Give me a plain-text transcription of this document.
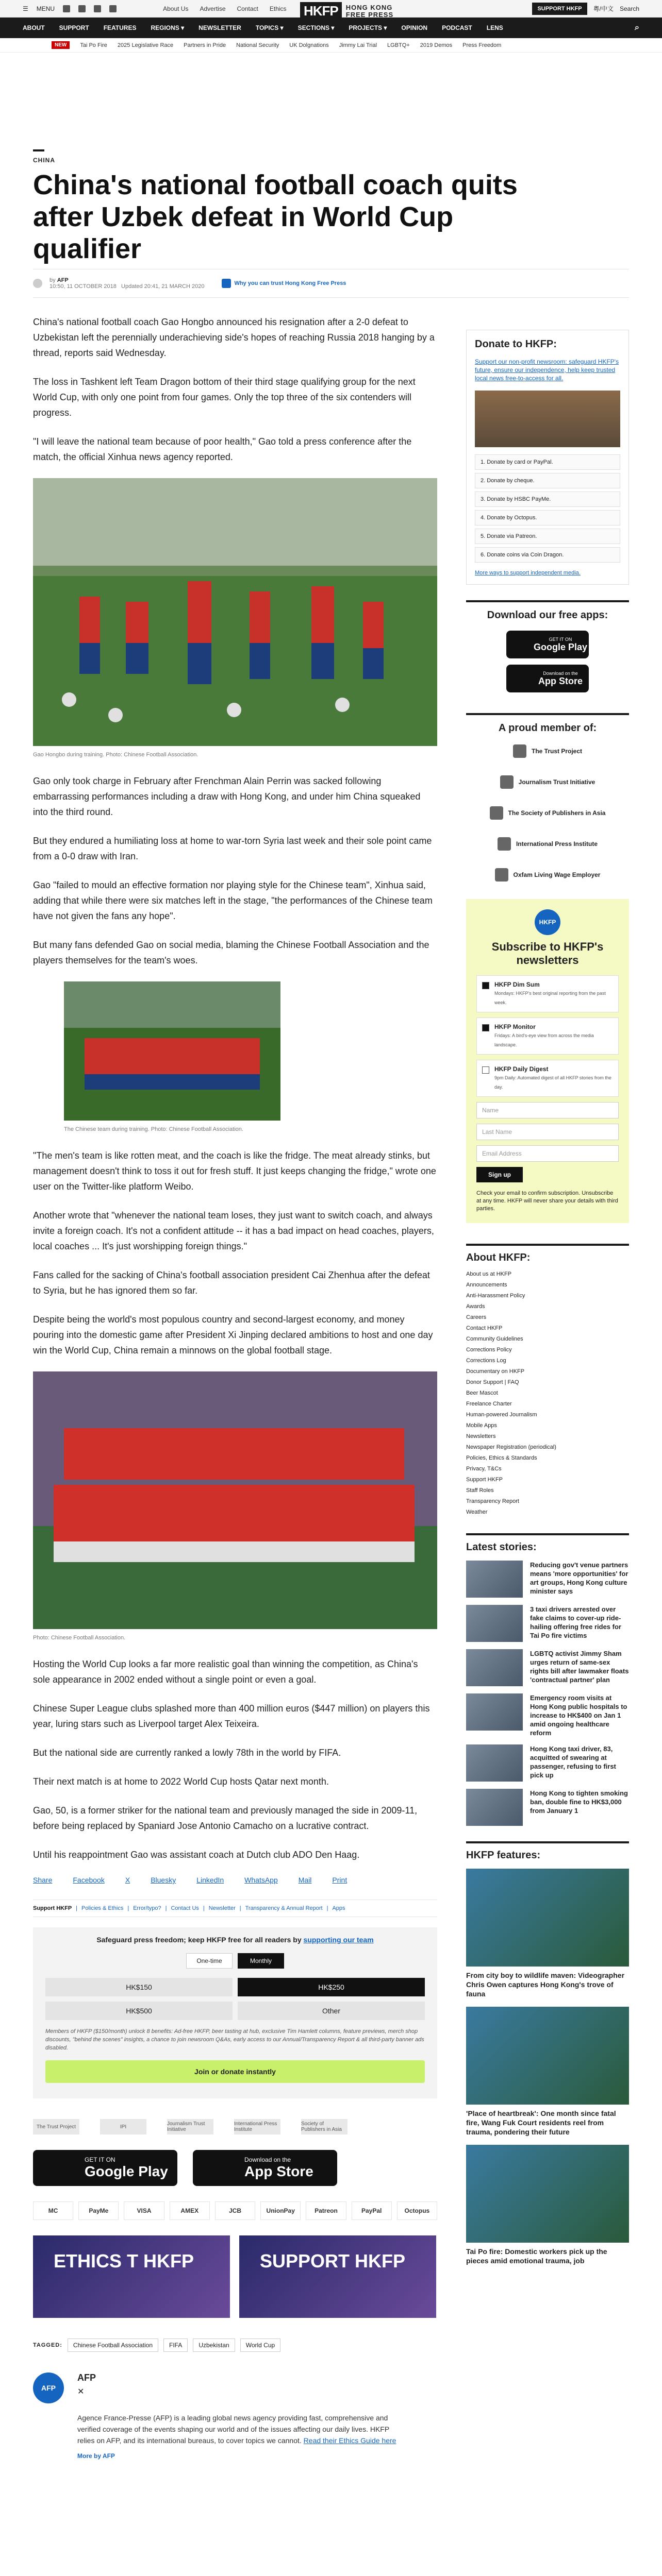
☰ MENU	About Us Advertise Contact Ethics HKFP	HONG KONG
FREE PRESS
SUPPORT HKFP	粵/中文 Search
ABOUT SUPPORT FEATURES REGIONS ▾ NEWSLETTER TOPICS ▾ SECTIONS ▾ PROJECTS ▾ OPINION PODCAST LENS	⌕
NEW	Tai Po Fire 2025 Legislative Race Partners in Pride National Security UK Dolgnations Jimmy Lai Trial LGBTQ+ 2019 Demos Press Freedom
CHINA
China's national football coach quits after Uzbek defeat in World Cup qualifier
by AFP
10:50, 11 OCTOBER 2018 Updated 20:41, 21 MARCH 2020	Why you can trust Hong Kong Free Press

China's national football coach Gao Hongbo announced his resignation after a 2-0 defeat to Uzbekistan left the perennially underachieving side's hopes of reaching Russia 2018 hanging by a thread, reports said Wednesday.

The loss in Tashkent left Team Dragon bottom of their third stage qualifying group for the next World Cup, with only one point from four games. Only the top three of the six contenders will progress.

"I will leave the national team because of poor health," Gao told a press conference after the match, the official Xinhua news agency reported.

Gao Hongbo during training. Photo: Chinese Football Association.

Gao only took charge in February after Frenchman Alain Perrin was sacked following embarrassing performances including a draw with Hong Kong, and under him China squeaked into the third round.

But they endured a humiliating loss at home to war-torn Syria last week and their sole point came from a 0-0 draw with Iran.

Gao "failed to mould an effective formation nor playing style for the Chinese team", Xinhua said, adding that while there were six matches left in the stage, "the performances of the Chinese team have not given the fans any hope".

But many fans defended Gao on social media, blaming the Chinese Football Association and the players themselves for the team's woes.

The Chinese team during training. Photo: Chinese Football Association.

"The men's team is like rotten meat, and the coach is like the fridge. The meat already stinks, but management doesn't think to toss it out for fresh stuff. It just keeps changing the fridge," wrote one user on the Twitter-like platform Weibo.

Another wrote that "whenever the national team loses, they just want to switch coach, and always invite a foreign coach. It's not a confident attitude -- it has a bad impact on head coaches, players, local coaches ... It's just worshipping foreign things."

Fans called for the sacking of China's football association president Cai Zhenhua after the defeat to Syria, but he has ignored them so far.

Despite being the world's most populous country and second-largest economy, and money pouring into the domestic game after President Xi Jinping declared ambitions to host and one day win the World Cup, China remain a minnows on the global football stage.

Photo: Chinese Football Association.

Hosting the World Cup looks a far more realistic goal than winning the competition, as China's sole appearance in 2002 ended without a single point or even a goal.

Chinese Super League clubs splashed more than 400 million euros ($447 million) on players this year, luring stars such as Liverpool target Alex Teixeira.

But the national side are currently ranked a lowly 78th in the world by FIFA.

Their next match is at home to 2022 World Cup hosts Qatar next month.

Gao, 50, is a former striker for the national team and previously managed the side in 2009-11, before being replaced by Spaniard Jose Antonio Camacho on a lucrative contract.

Until his reappointment Gao was assistant coach at Dutch club ADO Den Haag.

Share	Facebook	X	Bluesky	LinkedIn	WhatsApp	Mail	Print
Support HKFP | Policies & Ethics | Error/typo? | Contact Us | Newsletter | Transparency & Annual Report | Apps
Safeguard press freedom; keep HKFP free for all readers by supporting our team
One-time	Monthly
HK$150	HK$250
HK$500	Other
Members of HKFP ($150/month) unlock 8 benefits: Ad-free HKFP, beer tasting at hub, exclusive Tim Hamlett columns, feature previews, merch shop discounts, "behind the scenes" insights, a chance to join newsroom Q&As, early access to our Annual/Transparency Report & all third-party banner ads disabled.
Join or donate instantly
The Trust Project	IPI	Journalism Trust Initiative
International Press Institute
Society of Publishers in Asia
GET IT ON
Google Play
Download on the
App Store
MC	PayMe	VISA	AMEX	JCB	UnionPay	Patreon	PayPal	Octopus
ETHICS T HKFP	SUPPORT HKFP
TAGGED:	Chinese Football Association	FIFA	Uzbekistan	World Cup
AFP
AFP
✕
Agence France-Presse (AFP) is a leading global news agency providing fast, comprehensive and verified coverage of the events shaping our world and of the issues affecting our daily lives. HKFP relies on AFP, and its international bureaus, to cover topics we cannot. Read their Ethics Guide here
More by AFP
Donate to HKFP:

Support our non-profit newsroom: safeguard HKFP's future, ensure our independence, help keep trusted local news free-to-access for all.

1. Donate by card or PayPal.
2. Donate by cheque.
3. Donate by HSBC PayMe.
4. Donate by Octopus.
5. Donate via Patreon.
6. Donate coins via Coin Dragon.
More ways to support independent media.
Download our free apps:
GET IT ON
Google Play
Download on the
App Store
A proud member of:
The Trust Project
Journalism Trust Initiative
The Society of Publishers in Asia
International Press Institute
Oxfam Living Wage Employer
HKFP
Subscribe to HKFP's newsletters
HKFP Dim Sum
Mondays: HKFP's best original reporting from the past week.
HKFP Monitor
Fridays: A bird's-eye view from across the media landscape.
HKFP Daily Digest
9pm Daily: Automated digest of all HKFP stories from the day.
Name
Last Name
Email Address
Sign up
Check your email to confirm subscription. Unsubscribe at any time. HKFP will never share your details with third parties.
About HKFP:
About us at HKFP
Announcements
Anti-Harassment Policy
Awards
Careers
Contact HKFP
Community Guidelines
Corrections Policy
Corrections Log
Documentary on HKFP
Donor Support | FAQ
Beer Mascot
Freelance Charter
Human-powered Journalism
Mobile Apps
Newsletters
Newspaper Registration (periodical)
Policies, Ethics & Standards
Privacy, T&Cs
Support HKFP
Staff Roles
Transparency Report
Weather
Latest stories:
Reducing gov't venue partners means 'more opportunities' for art groups, Hong Kong culture minister says
3 taxi drivers arrested over fake claims to cover-up ride-hailing offering free rides for Tai Po fire victims
LGBTQ activist Jimmy Sham urges return of same-sex rights bill after lawmaker floats 'contractual partner' plan
Emergency room visits at Hong Kong public hospitals to increase to HK$400 on Jan 1 amid ongoing healthcare reform
Hong Kong taxi driver, 83, acquitted of swearing at passenger, refusing to first pick up
Hong Kong to tighten smoking ban, double fine to HK$3,000 from January 1
HKFP features:
From city boy to wildlife maven: Videographer Chris Owen captures Hong Kong's trove of fauna
'Place of heartbreak': One month since fatal fire, Wang Fuk Court residents reel from trauma, pondering their future
Tai Po fire: Domestic workers pick up the pieces amid emotional trauma, job
